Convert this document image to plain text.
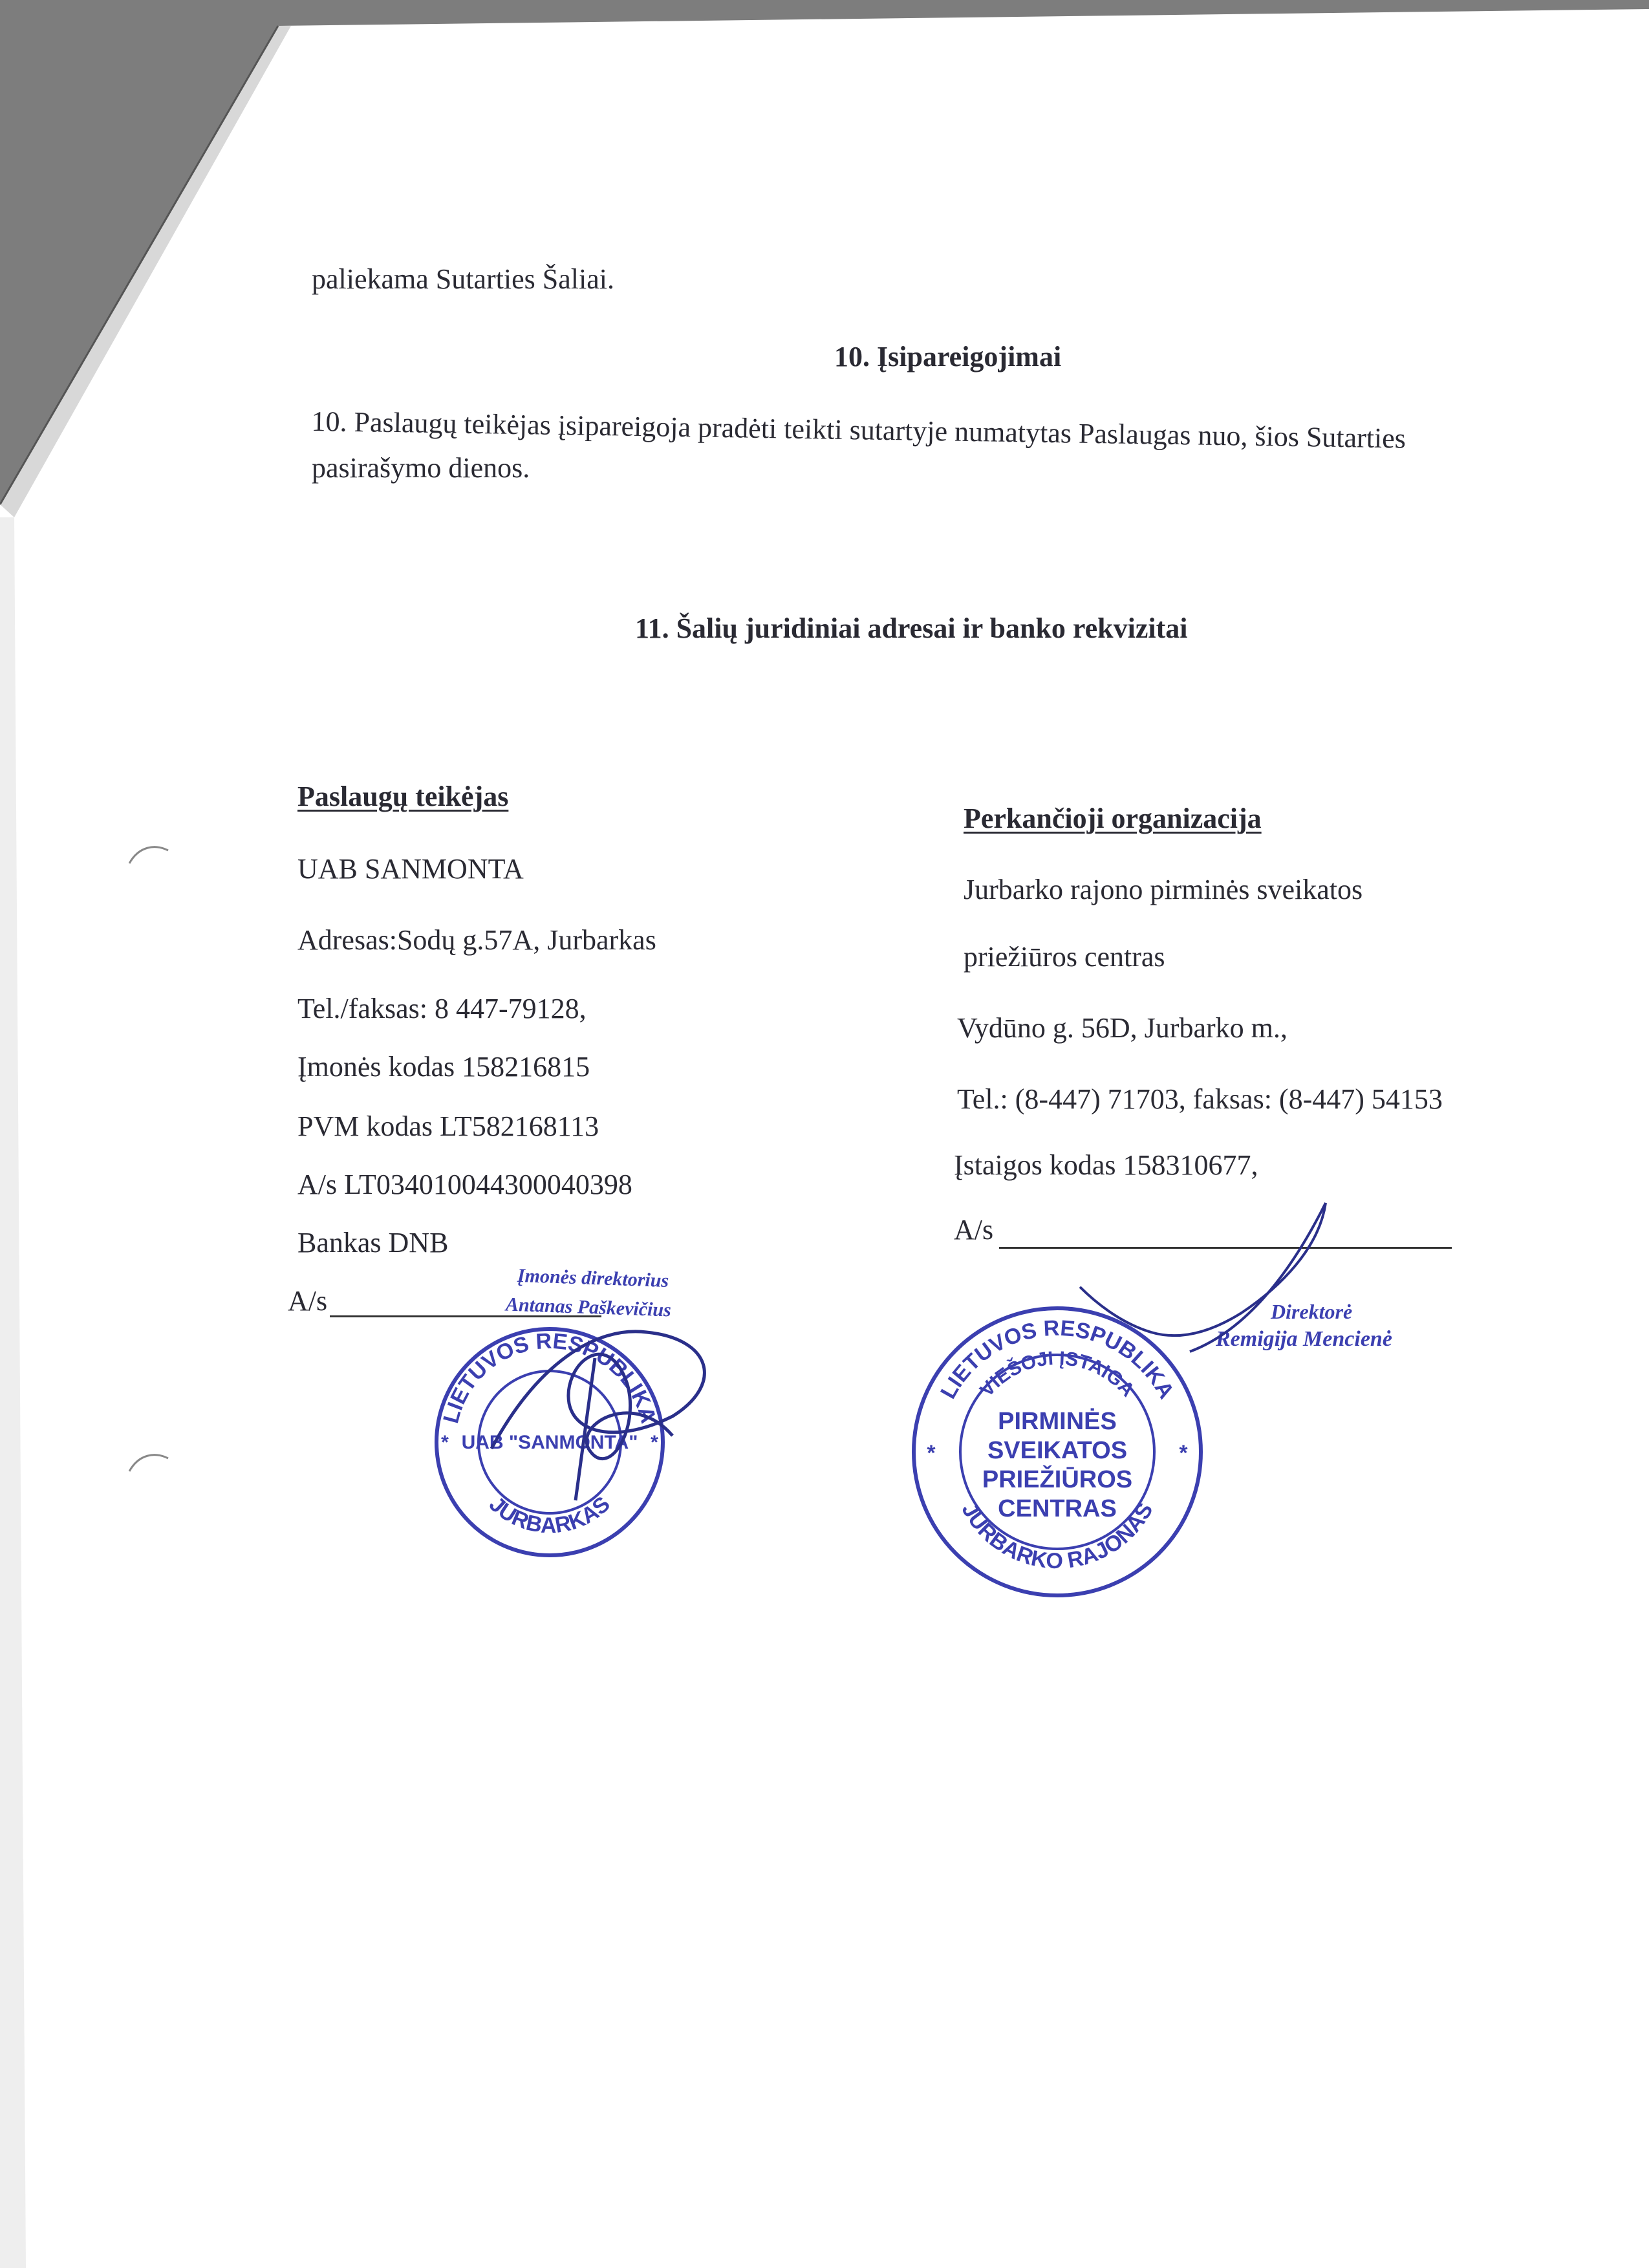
paliekama Sutarties Šaliai.
10. Įsipareigojimai
10. Paslaugų teikėjas įsipareigoja pradėti teikti sutartyje numatytas Paslaugas nuo, šios Sutarties
pasirašymo dienos.
11. Šalių juridiniai adresai ir banko rekvizitai
Paslaugų teikėjas
UAB SANMONTA
Adresas:Sodų g.57A, Jurbarkas
Tel./faksas: 8 447-79128,
Įmonės kodas 158216815
PVM kodas LT582168113
A/s LT034010044300040398
Bankas DNB
A/s
Perkančioji organizacija
Jurbarko rajono pirminės sveikatos
priežiūros centras
Vydūno g. 56D, Jurbarko m.,
Tel.: (8-447) 71703, faksas: (8-447) 54153
Įstaigos kodas 158310677,
A/s
Įmonės direktorius
Antanas Paškevičius
LIETUVOS RESPUBLIKA
JURBARKAS
UAB "SANMONTA"
*	*
LIETUVOS RESPUBLIKA
VIEŠOJI ĮSTAIGA
JURBARKO RAJONAS
PIRMINĖS
SVEIKATOS
PRIEŽIŪROS
CENTRAS
*	*
Direktorė
Remigija Mencienė
